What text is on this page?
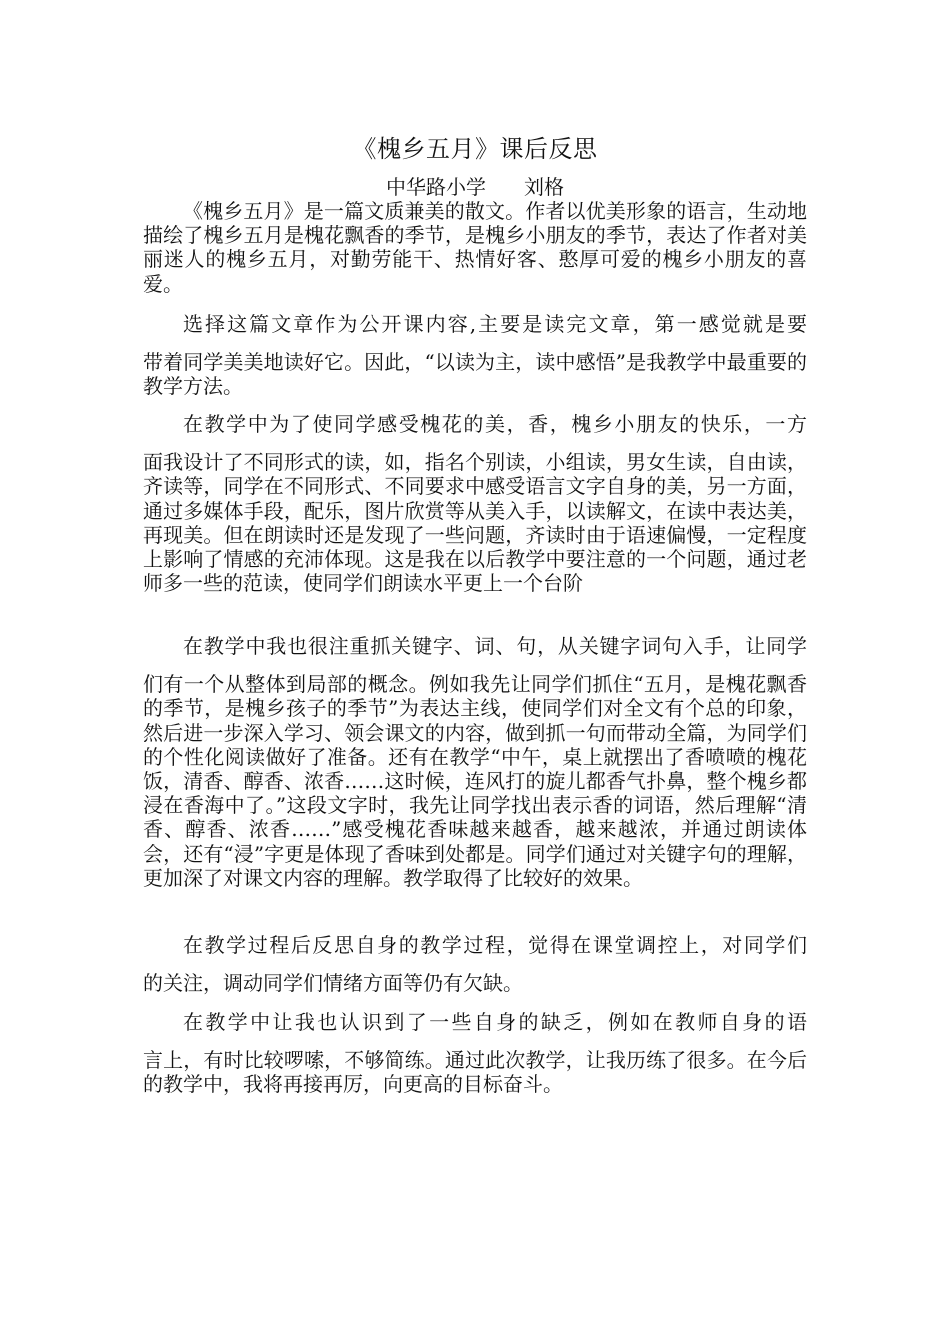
《槐乡五月》课后反思
中华路小学 刘格

《槐乡五月》是一篇文质兼美的散文。作者以优美形象的语言，生动地描绘了槐乡五月是槐花飘香的季节，是槐乡小朋友的季节，表达了作者对美丽迷人的槐乡五月，对勤劳能干、热情好客、憨厚可爱的槐乡小朋友的喜爱。

选择这篇文章作为公开课内容,主要是读完文章，第一感觉就是要
带着同学美美地读好它。因此，“以读为主，读中感悟”是我教学中最重要的教学方法。

在教学中为了使同学感受槐花的美，香，槐乡小朋友的快乐，一方
面我设计了不同形式的读，如，指名个别读，小组读，男女生读，自由读，齐读等，同学在不同形式、不同要求中感受语言文字自身的美，另一方面，通过多媒体手段，配乐，图片欣赏等从美入手，以读解文，在读中表达美，再现美。但在朗读时还是发现了一些问题，齐读时由于语速偏慢，一定程度上影响了情感的充沛体现。这是我在以后教学中要注意的一个问题，通过老师多一些的范读，使同学们朗读水平更上一个台阶

在教学中我也很注重抓关键字、词、句，从关键字词句入手，让同学
们有一个从整体到局部的概念。例如我先让同学们抓住“五月，是槐花飘香的季节，是槐乡孩子的季节”为表达主线，使同学们对全文有个总的印象，然后进一步深入学习、领会课文的内容，做到抓一句而带动全篇，为同学们的个性化阅读做好了准备。还有在教学“中午，桌上就摆出了香喷喷的槐花饭，清香、醇香、浓香……这时候，连风打的旋儿都香气扑鼻，整个槐乡都浸在香海中了。”这段文字时，我先让同学找出表示香的词语，然后理解“清香、醇香、浓香……”感受槐花香味越来越香，越来越浓，并通过朗读体会，还有“浸”字更是体现了香味到处都是。同学们通过对关键字句的理解，更加深了对课文内容的理解。教学取得了比较好的效果。

在教学过程后反思自身的教学过程，觉得在课堂调控上，对同学们
的关注，调动同学们情绪方面等仍有欠缺。

在教学中让我也认识到了一些自身的缺乏，例如在教师自身的语
言上，有时比较啰嗦，不够简练。通过此次教学，让我历练了很多。在今后的教学中，我将再接再厉，向更高的目标奋斗。
